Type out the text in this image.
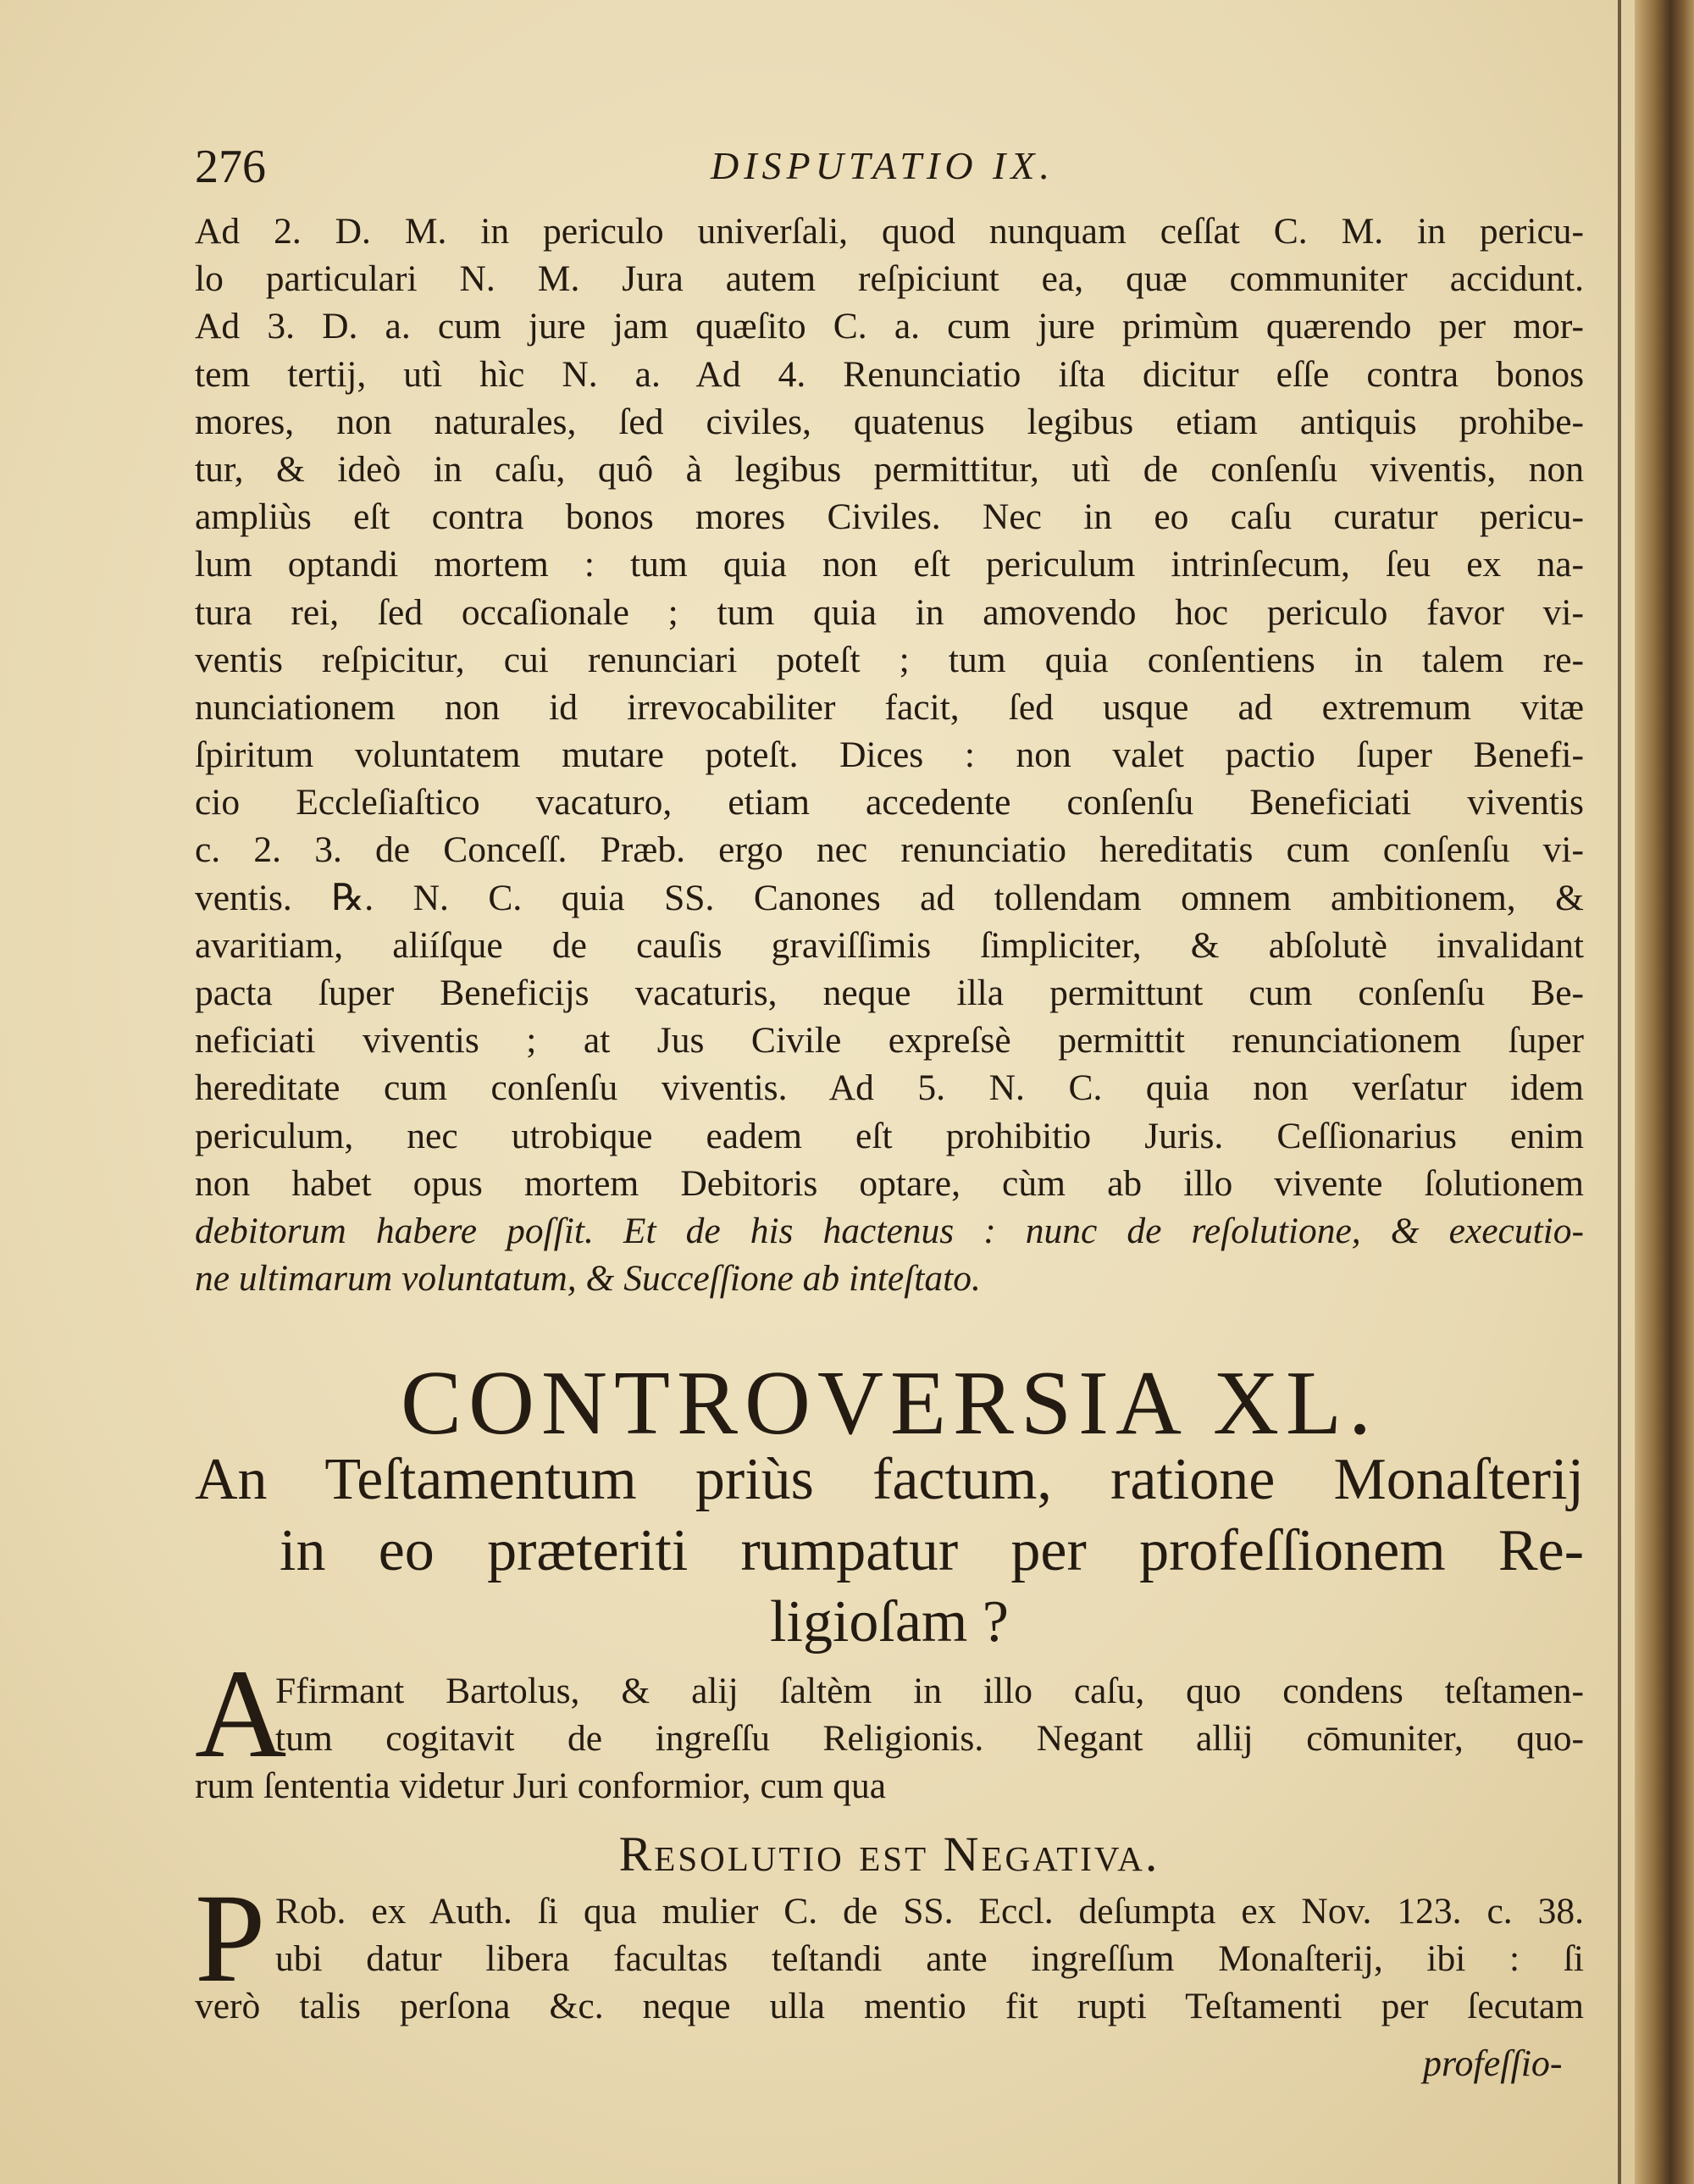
276	DISPUTATIO IX.
Ad 2. D. M. in periculo univerſali, quod nunquam ceſſat C. M. in pericu-
lo particulari N. M. Jura autem reſpiciunt ea, quæ communiter accidunt.
Ad 3. D. a. cum jure jam quæſito C. a. cum jure primùm quærendo per mor-
tem tertij, utì hìc N. a. Ad 4. Renunciatio iſta dicitur eſſe contra bonos
mores, non naturales, ſed civiles, quatenus legibus etiam antiquis prohibe-
tur, & ideò in caſu, quô à legibus permittitur, utì de conſenſu viventis, non
ampliùs eſt contra bonos mores Civiles. Nec in eo caſu curatur pericu-
lum optandi mortem : tum quia non eſt periculum intrinſecum, ſeu ex na-
tura rei, ſed occaſionale ; tum quia in amovendo hoc periculo favor vi-
ventis reſpicitur, cui renunciari poteſt ; tum quia conſentiens in talem re-
nunciationem non id irrevocabiliter facit, ſed usque ad extremum vitæ
ſpiritum voluntatem mutare poteſt. Dices : non valet pactio ſuper Benefi-
cio Eccleſiaſtico vacaturo, etiam accedente conſenſu Beneficiati viventis
c. 2. 3. de Conceſſ. Præb. ergo nec renunciatio hereditatis cum conſenſu vi-
ventis. ℞. N. C. quia SS. Canones ad tollendam omnem ambitionem, &
avaritiam, aliíſque de cauſis graviſſimis ſimpliciter, & abſolutè invalidant
pacta ſuper Beneficijs vacaturis, neque illa permittunt cum conſenſu Be-
neficiati viventis ; at Jus Civile expreſsè permittit renunciationem ſuper
hereditate cum conſenſu viventis. Ad 5. N. C. quia non verſatur idem
periculum, nec utrobique eadem eſt prohibitio Juris. Ceſſionarius enim
non habet opus mortem Debitoris optare, cùm ab illo vivente ſolutionem
debitorum habere poſſit. Et de his hactenus : nunc de reſolutione, & executio-
ne ultimarum voluntatum, & Succeſſione ab inteſtato.
CONTROVERSIA XL.
An Teſtamentum priùs factum, ratione Monaſterij
in eo præteriti rumpatur per profeſſionem Re-
ligioſam ?
A
Ffirmant Bartolus, & alij ſaltèm in illo caſu, quo condens teſtamen-
tum cogitavit de ingreſſu Religionis. Negant allij cōmuniter, quo-
rum ſententia videtur Juri conformior, cum qua
Resolutio est Negativa.
P Rob. ex Auth. ſi qua mulier C. de SS. Eccl. deſumpta ex Nov. 123. c. 38.
ubi datur libera facultas teſtandi ante ingreſſum Monaſterij, ibi : ſi
verò talis perſona &c. neque ulla mentio fit rupti Teſtamenti per ſecutam
profeſſio-
